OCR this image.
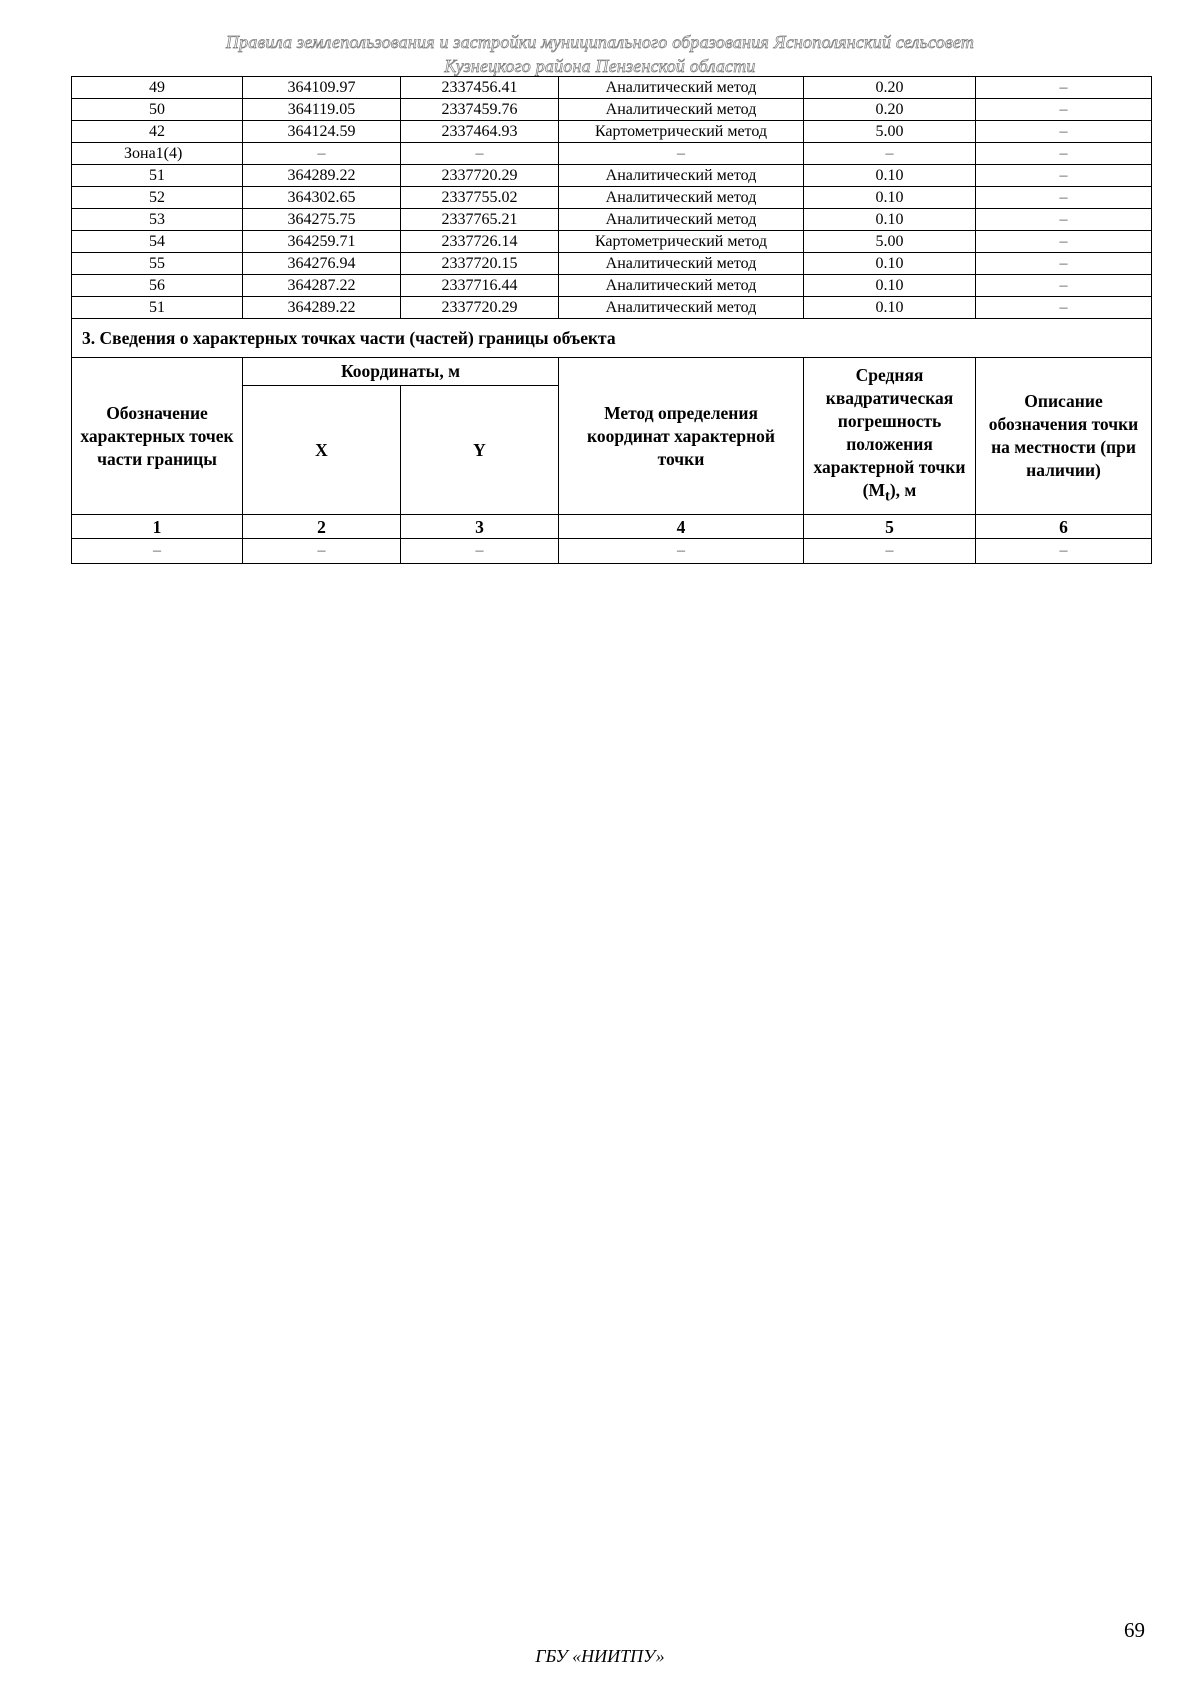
Правила землепользования и застройки муниципального образования Яснополянский сельсовет
Кузнецкого района Пензенской области
49	364109.97	2337456.41	Аналитический метод	0.20	–
50	364119.05	2337459.76	Аналитический метод	0.20	–
42	364124.59	2337464.93	Картометрический метод	5.00	–
Зона1(4)	–	–	–	–	–
51	364289.22	2337720.29	Аналитический метод	0.10	–
52	364302.65	2337755.02	Аналитический метод	0.10	–
53	364275.75	2337765.21	Аналитический метод	0.10	–
54	364259.71	2337726.14	Картометрический метод	5.00	–
55	364276.94	2337720.15	Аналитический метод	0.10	–
56	364287.22	2337716.44	Аналитический метод	0.10	–
51	364289.22	2337720.29	Аналитический метод	0.10	–
3. Сведения о характерных точках части (частей) границы объекта					
Обозначение характерных точек части границы	Координаты, м		Метод определения координат характерной точки	Средняя квадратическая погрешность положения характерной точки $(M_t)$, м	Описание обозначения точки на местности (при наличии)
	X	Y			
1	2	3	4	5	6
–	–	–	–	–	–
69
ГБУ «НИИТПУ»
